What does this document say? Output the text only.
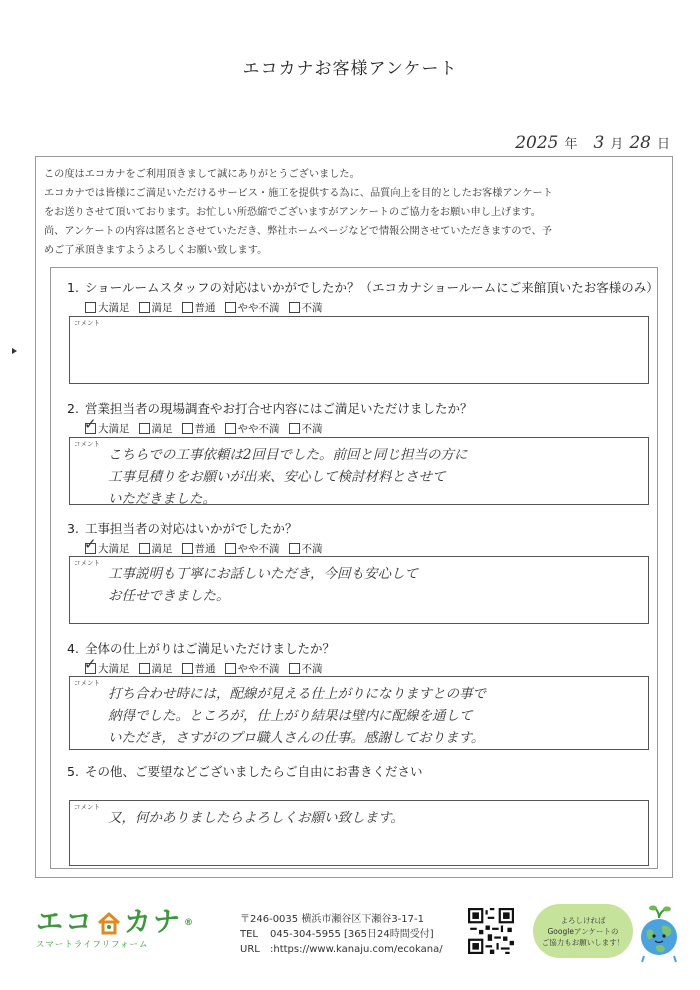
エコカナお客様アンケート
2025 年 3 月 28 日

この度はエコカナをご利用頂きまして誠にありがとうございました。

エコカナでは皆様にご満足いただけるサービス・施工を提供する為に、品質向上を目的としたお客様アンケート

をお送りさせて頂いております。お忙しい所恐縮でございますがアンケートのご協力をお願い申し上げます。

尚、アンケートの内容は匿名とさせていただき、弊社ホームページなどで情報公開させていただきますので、予

めご了承頂きますようよろしくお願い致します。

1. ショールームスタッフの対応はいかがでしたか？（エコカナショールームにご来館頂いたお客様のみ）
大満足 満足 普通 やや不満 不満
コメント

2. 営業担当者の現場調査やお打合せ内容にはご満足いただけましたか？
✓
大満足 満足 普通 やや不満 不満
コメント

こちらでの工事依頼は2回目でした。前回と同じ担当の方に
工事見積りをお願いが出来、安心して検討材料とさせて
いただきました。

3. 工事担当者の対応はいかがでしたか？
✓
大満足 満足 普通 やや不満 不満
コメント

工事説明も丁寧にお話しいただき，今回も安心して
お任せできました。

4. 全体の仕上がりはご満足いただけましたか？
✓
大満足 満足 普通 やや不満 不満
コメント

打ち合わせ時には，配線が見える仕上がりになりますとの事で
納得でした。ところが，仕上がり結果は壁内に配線を通して
いただき，さすがのプロ職人さんの仕事。感謝しております。

5. その他、ご要望などございましたらご自由にお書きください
コメント

又，何かありましたらよろしくお願い致します。

エコ カナ ®
スマートライフリフォーム
〒246-0035 横浜市瀬谷区下瀬谷3-17-1
TEL 045-304-5955 [365日24時間受付]
URL :https://www.kanaju.com/ecokana/
よろしければ
Googleアンケートの
ご協力もお願いします！
